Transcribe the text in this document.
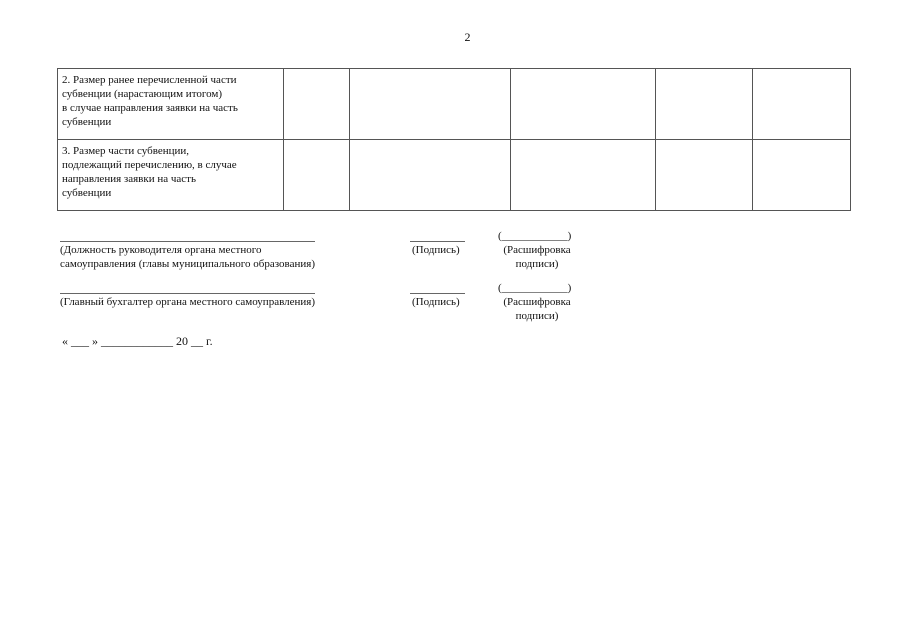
2
2. Размер ранее перечисленной части
субвенции (нарастающим итогом)
в случае направления заявки на часть
субвенции					

3. Размер части субвенции,
подлежащий перечислению, в случае
направления заявки на часть
субвенции					

(Должность руководителя органа местного
самоуправления (главы муниципального образования)
(Подпись)
(____________)
(Расшифровка
подписи)
(Главный бухгалтер органа местного самоуправления)	(Подпись)
(____________)
(Расшифровка
подписи)
« ___ » ____________ 20 __ г.
